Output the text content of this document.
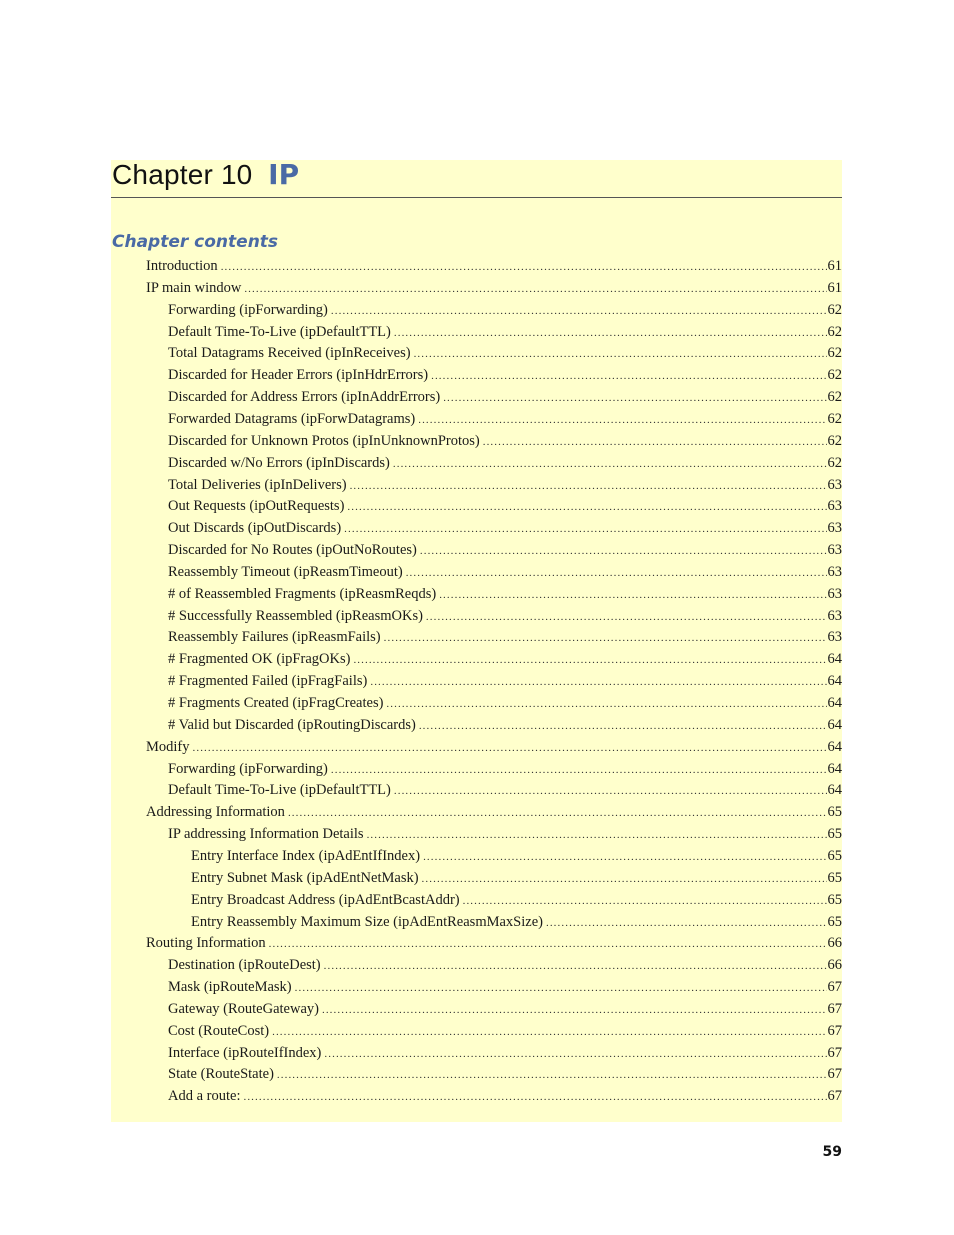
Chapter 10 IP
Chapter contents
Introduction .....	61
IP main window .....	61
Forwarding (ipForwarding) .....	62
Default Time-To-Live (ipDefaultTTL) .....	62
Total Datagrams Received (ipInReceives) .....	62
Discarded for Header Errors (ipInHdrErrors) .....	62
Discarded for Address Errors (ipInAddrErrors) .....	62
Forwarded Datagrams (ipForwDatagrams) .....	62
Discarded for Unknown Protos (ipInUnknownProtos) .....	62
Discarded w/No Errors (ipInDiscards) .....	62
Total Deliveries (ipInDelivers) .....	63
Out Requests (ipOutRequests) .....	63
Out Discards (ipOutDiscards) .....	63
Discarded for No Routes (ipOutNoRoutes) .....	63
Reassembly Timeout (ipReasmTimeout) .....	63
# of Reassembled Fragments (ipReasmReqds) .....	63
# Successfully Reassembled (ipReasmOKs) .....	63
Reassembly Failures (ipReasmFails) .....	63
# Fragmented OK (ipFragOKs) .....	64
# Fragmented Failed (ipFragFails) .....	64
# Fragments Created (ipFragCreates) .....	64
# Valid but Discarded (ipRoutingDiscards) .....	64
Modify .....	64
Forwarding (ipForwarding) .....	64
Default Time-To-Live (ipDefaultTTL) .....	64
Addressing Information .....	65
IP addressing Information Details .....	65
Entry Interface Index (ipAdEntIfIndex) .....	65
Entry Subnet Mask (ipAdEntNetMask) .....	65
Entry Broadcast Address (ipAdEntBcastAddr) .....	65
Entry Reassembly Maximum Size (ipAdEntReasmMaxSize) .....	65
Routing Information .....	66
Destination (ipRouteDest) .....	66
Mask (ipRouteMask) .....	67
Gateway (RouteGateway) .....	67
Cost (RouteCost) .....	67
Interface (ipRouteIfIndex) .....	67
State (RouteState) .....	67
Add a route: .....	67
59
